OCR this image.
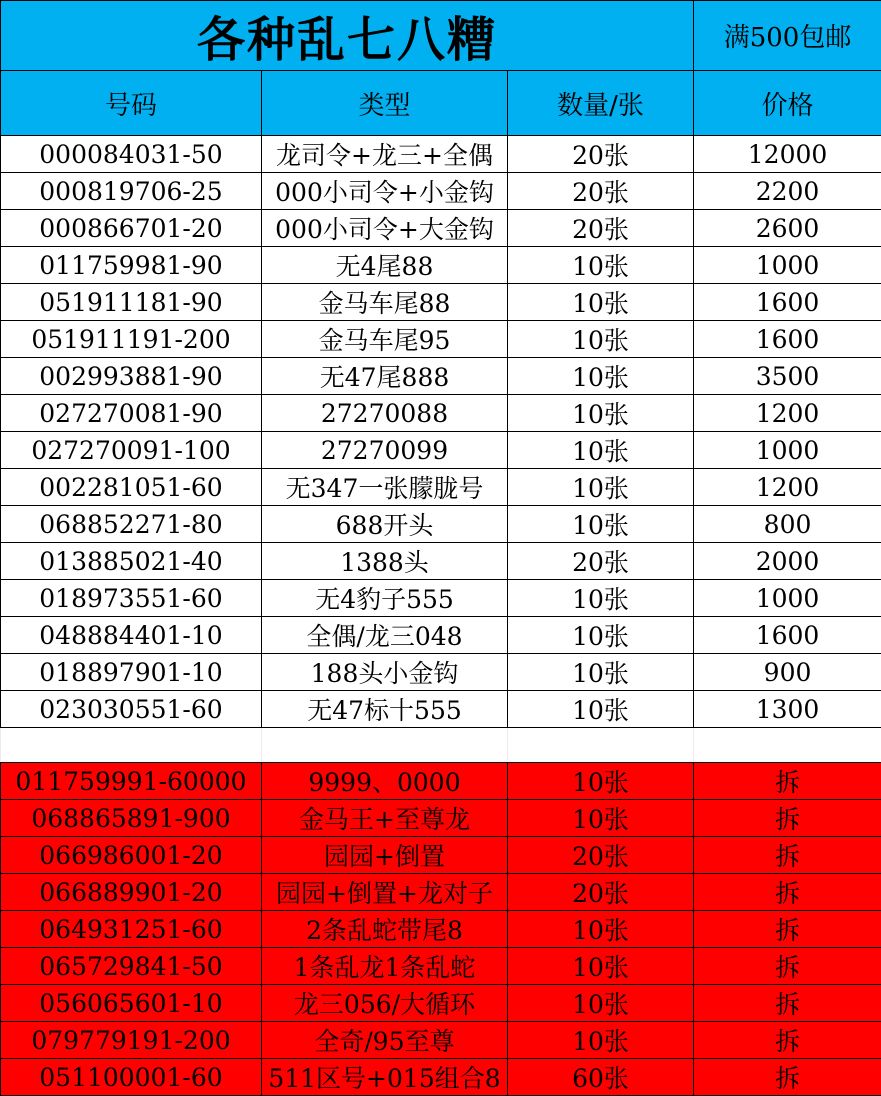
各种乱七八糟			满500包邮
号码	类型	数量/张	价格
000084031-50	龙司令+龙三+全偶	20张	12000
000819706-25	000小司令+小金钩	20张	2200
000866701-20	000小司令+大金钩	20张	2600
011759981-90	无4尾88	10张	1000
051911181-90	金马车尾88	10张	1600
051911191-200	金马车尾95	10张	1600
002993881-90	无47尾888	10张	3500
027270081-90	27270088	10张	1200
027270091-100	27270099	10张	1000
002281051-60	无347一张朦胧号	10张	1200
068852271-80	688开头	10张	800
013885021-40	1388头	20张	2000
018973551-60	无4豹子555	10张	1000
048884401-10	全偶/龙三048	10张	1600
018897901-10	188头小金钩	10张	900
023030551-60	无47标十555	10张	1300

011759991-60000	9999、0000	10张	拆
068865891-900	金马王+至尊龙	10张	拆
066986001-20	园园+倒置	20张	拆
066889901-20	园园+倒置+龙对子	20张	拆
064931251-60	2条乱蛇带尾8	10张	拆
065729841-50	1条乱龙1条乱蛇	10张	拆
056065601-10	龙三056/大循环	10张	拆
079779191-200	全奇/95至尊	10张	拆
051100001-60	511区号+015组合8	60张	拆
